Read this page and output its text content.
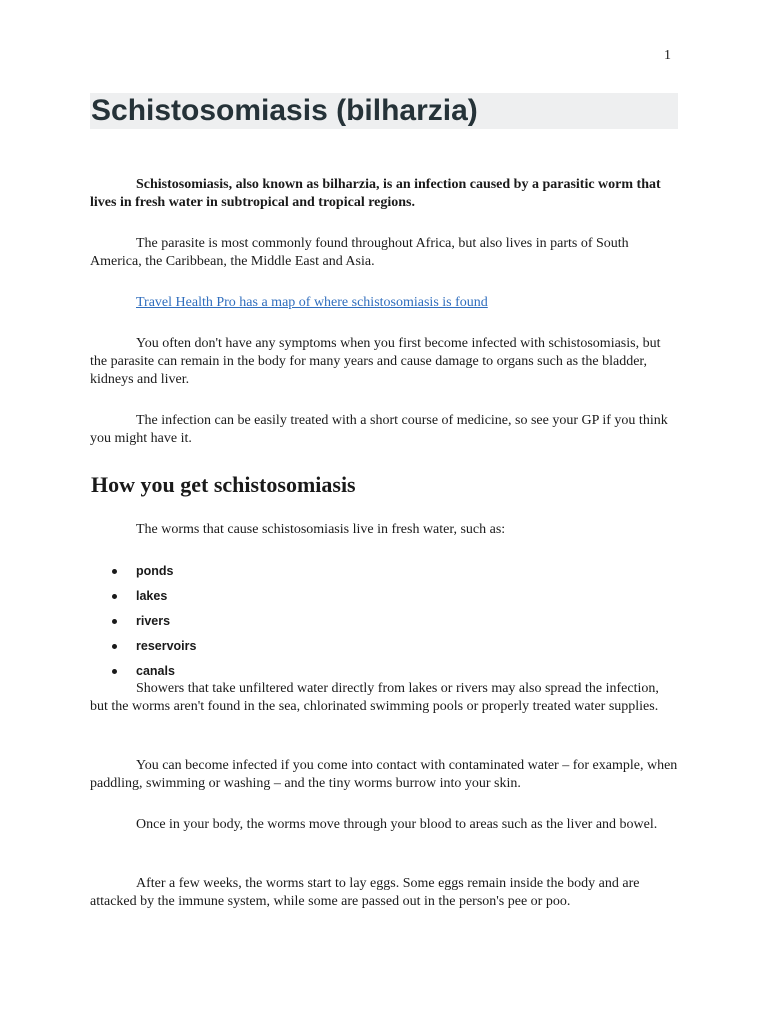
1
Schistosomiasis (bilharzia)

Schistosomiasis, also known as bilharzia, is an infection caused by a parasitic worm that lives in fresh water in subtropical and tropical regions.

The parasite is most commonly found throughout Africa, but also lives in parts of South America, the Caribbean, the Middle East and Asia.

Travel Health Pro has a map of where schistosomiasis is found

You often don't have any symptoms when you first become infected with schistosomiasis, but the parasite can remain in the body for many years and cause damage to organs such as the bladder, kidneys and liver.

The infection can be easily treated with a short course of medicine, so see your GP if you think you might have it.

How you get schistosomiasis

The worms that cause schistosomiasis live in fresh water, such as:

ponds
lakes
rivers
reservoirs
canals

Showers that take unfiltered water directly from lakes or rivers may also spread the infection, but the worms aren't found in the sea, chlorinated swimming pools or properly treated water supplies.

You can become infected if you come into contact with contaminated water – for example, when paddling, swimming or washing – and the tiny worms burrow into your skin.

Once in your body, the worms move through your blood to areas such as the liver and bowel.

After a few weeks, the worms start to lay eggs. Some eggs remain inside the body and are attacked by the immune system, while some are passed out in the person's pee or poo.
